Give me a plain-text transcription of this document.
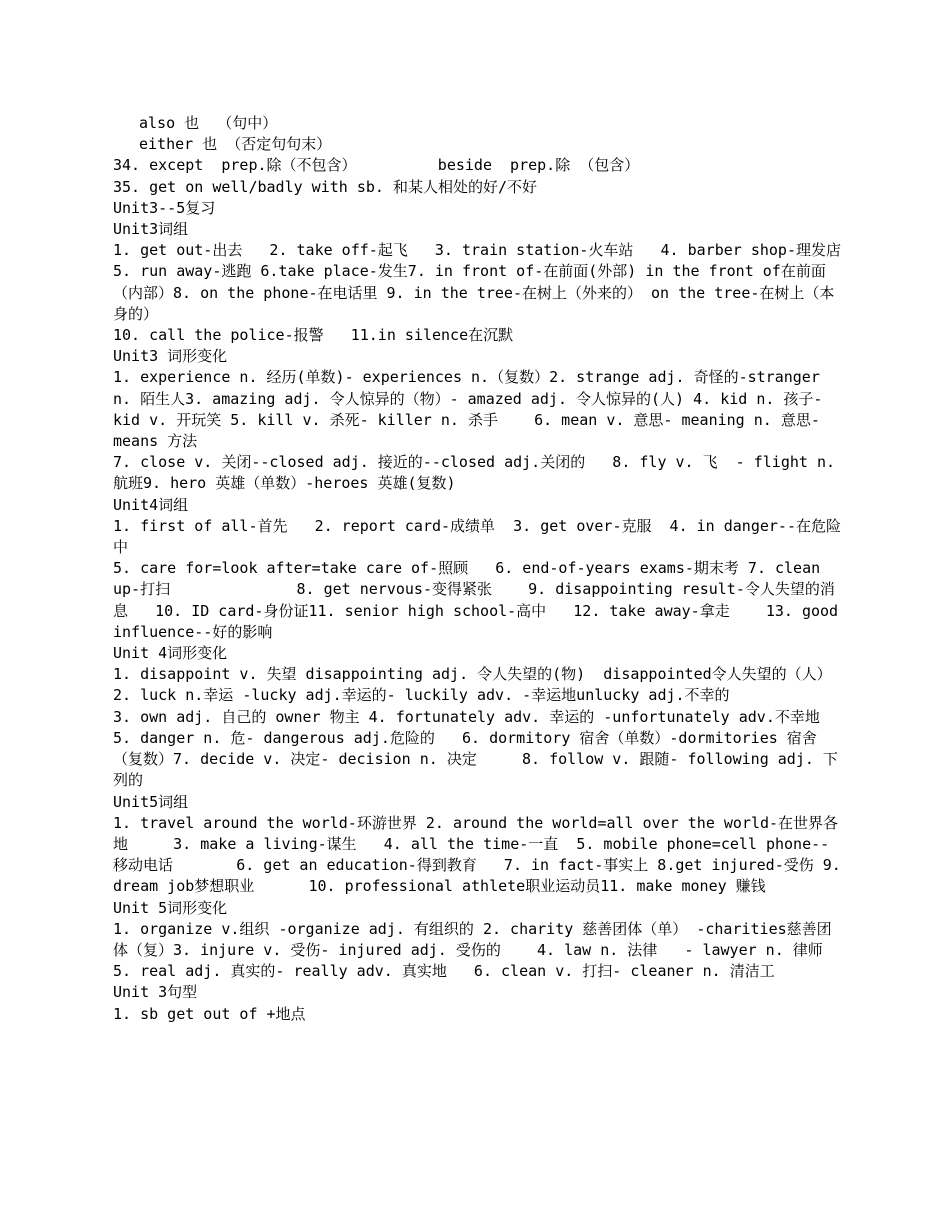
also 也  （句中）
either 也 （否定句句末）
34. except  prep.除（不包含）         beside  prep.除 （包含）
35. get on well/badly with sb. 和某人相处的好/不好
Unit3--5复习
Unit3词组
1. get out-出去   2. take off-起飞   3. train station-火车站   4. barber shop-理发店    5. run away-逃跑 6.take place-发生7. in front of-在前面(外部) in the front of在前面（内部）8. on the phone-在电话里 9. in the tree-在树上（外来的） on the tree-在树上（本身的）
10. call the police-报警   11.in silence在沉默
Unit3 词形变化
1. experience n. 经历(单数)- experiences n.（复数）2. strange adj. 奇怪的-stranger n. 陌生人3. amazing adj. 令人惊异的（物）- amazed adj. 令人惊异的(人) 4. kid n. 孩子- kid v. 开玩笑 5. kill v. 杀死- killer n. 杀手    6. mean v. 意思- meaning n. 意思- means 方法
7. close v. 关闭--closed adj. 接近的--closed adj.关闭的   8. fly v. 飞  - flight n. 航班9. hero 英雄（单数）-heroes 英雄(复数)
Unit4词组
1. first of all-首先   2. report card-成绩单  3. get over-克服  4. in danger--在危险中
5. care for=look after=take care of-照顾   6. end-of-years exams-期末考 7. clean up-打扫              8. get nervous-变得紧张    9. disappointing result-令人失望的消息   10. ID card-身份证11. senior high school-高中   12. take away-拿走    13. good influence--好的影响
Unit 4词形变化
1. disappoint v. 失望 disappointing adj. 令人失望的(物)  disappointed令人失望的（人）
2. luck n.幸运 -lucky adj.幸运的- luckily adv. -幸运地unlucky adj.不幸的
3. own adj. 自己的 owner 物主 4. fortunately adv. 幸运的 -unfortunately adv.不幸地
5. danger n. 危- dangerous adj.危险的   6. dormitory 宿舍（单数）-dormitories 宿舍（复数）7. decide v. 决定- decision n. 决定     8. follow v. 跟随- following adj. 下列的
Unit5词组
1. travel around the world-环游世界 2. around the world=all over the world-在世界各地     3. make a living-谋生   4. all the time-一直  5. mobile phone=cell phone--移动电话       6. get an education-得到教育   7. in fact-事实上 8.get injured-受伤 9. dream job梦想职业      10. professional athlete职业运动员11. make money 赚钱
Unit 5词形变化
1. organize v.组织 -organize adj. 有组织的 2. charity 慈善团体（单） -charities慈善团体（复）3. injure v. 受伤- injured adj. 受伤的    4. law n. 法律   - lawyer n. 律师
5. real adj. 真实的- really adv. 真实地   6. clean v. 打扫- cleaner n. 清洁工
Unit 3句型
1. sb get out of +地点
